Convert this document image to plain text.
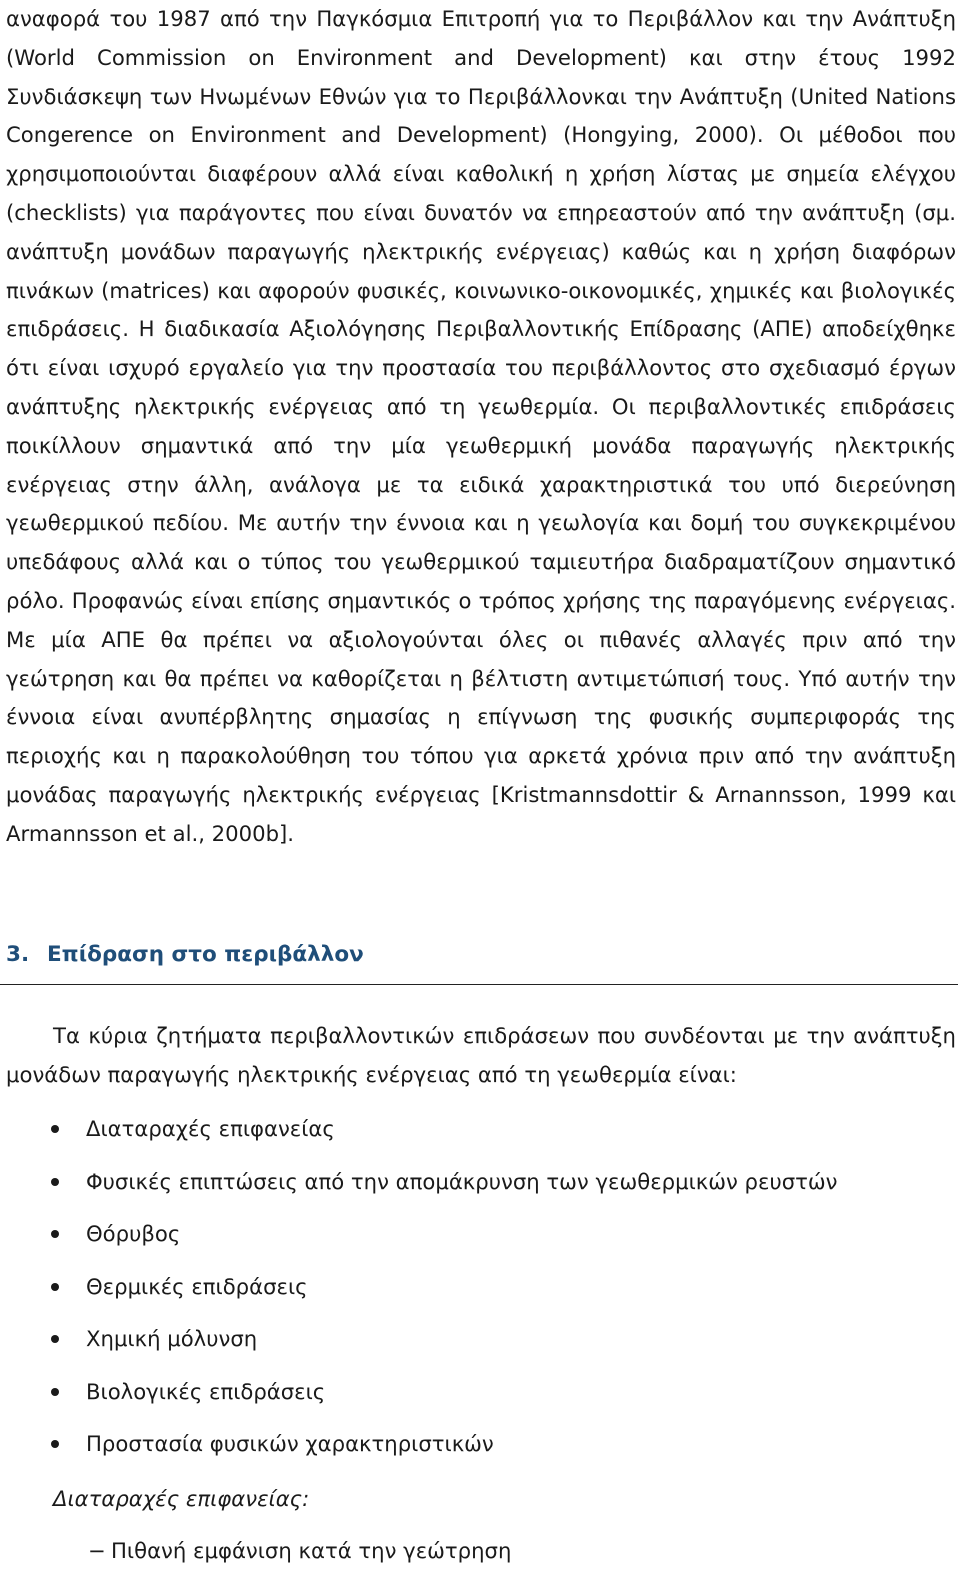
αναφορά του 1987 από την Παγκόσμια Επιτροπή για το Περιβάλλον και την Ανάπτυξη (World Commission on Environment and Development) και στην έτους 1992 Συνδιάσκεψη των Ηνωμένων Εθνών για το Περιβάλλονκαι την Ανάπτυξη (United Nations Congerence on Environment and Development) (Hongying, 2000). Οι μέθοδοι που χρησιμοποιούνται διαφέρουν αλλά είναι καθολική η χρήση λίστας με σημεία ελέγχου (checklists) για παράγοντες που είναι δυνατόν να επηρεαστούν από την ανάπτυξη (σμ. ανάπτυξη μονάδων παραγωγής ηλεκτρικής ενέργειας) καθώς και η χρήση διαφόρων πινάκων (matrices) και αφορούν φυσικές, κοινωνικο-οικονομικές, χημικές και βιολογικές επιδράσεις. Η διαδικασία Αξιολόγησης Περιβαλλοντικής Επίδρασης (ΑΠΕ) αποδείχθηκε ότι είναι ισχυρό εργαλείο για την προστασία του περιβάλλοντος στο σχεδιασμό έργων ανάπτυξης ηλεκτρικής ενέργειας από τη γεωθερμία. Οι περιβαλλοντικές επιδράσεις ποικίλλουν σημαντικά από την μία γεωθερμική μονάδα παραγωγής ηλεκτρικής ενέργειας στην άλλη, ανάλογα με τα ειδικά χαρακτηριστικά του υπό διερεύνηση γεωθερμικού πεδίου. Με αυτήν την έννοια και η γεωλογία και δομή του συγκεκριμένου υπεδάφους αλλά και ο τύπος του γεωθερμικού ταμιευτήρα διαδραματίζουν σημαντικό ρόλο. Προφανώς είναι επίσης σημαντικός ο τρόπος χρήσης της παραγόμενης ενέργειας. Με μία ΑΠΕ θα πρέπει να αξιολογούνται όλες οι πιθανές αλλαγές πριν από την γεώτρηση και θα πρέπει να καθορίζεται η βέλτιστη αντιμετώπισή τους. Υπό αυτήν την έννοια είναι ανυπέρβλητης σημασίας η επίγνωση της φυσικής συμπεριφοράς της περιοχής και η παρακολούθηση του τόπου για αρκετά χρόνια πριν από την ανάπτυξη μονάδας παραγωγής ηλεκτρικής ενέργειας [Kristmannsdottir & Arnannsson, 1999 και Armannsson et al., 2000b].

3. Επίδραση στο περιβάλλον

Τα κύρια ζητήματα περιβαλλοντικών επιδράσεων που συνδέονται με την ανάπτυξη μονάδων παραγωγής ηλεκτρικής ενέργειας από τη γεωθερμία είναι:

Διαταραχές επιφανείας
Φυσικές επιπτώσεις από την απομάκρυνση των γεωθερμικών ρευστών
Θόρυβος
Θερμικές επιδράσεις
Χημική μόλυνση
Βιολογικές επιδράσεις
Προστασία φυσικών χαρακτηριστικών

Διαταραχές επιφανείας:

− Πιθανή εμφάνιση κατά την γεώτρηση
